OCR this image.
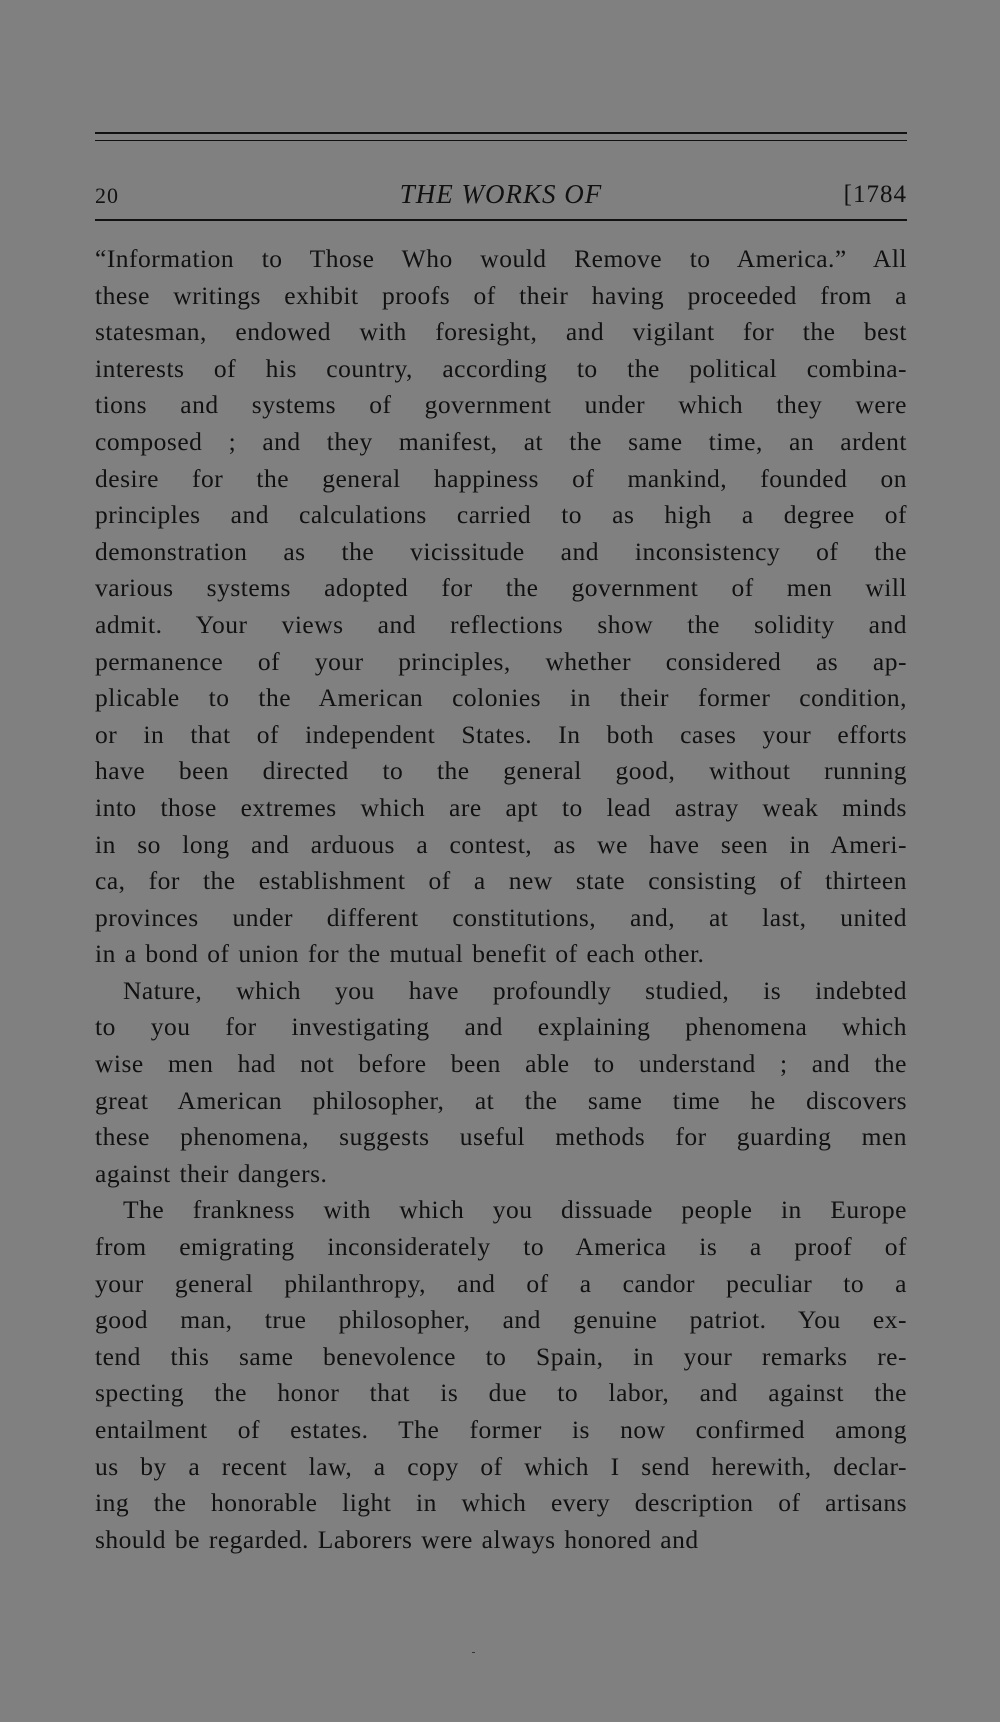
20	THE WORKS OF	[1784

“Information to Those Who would Remove to America.” All
these writings exhibit proofs of their having proceeded from a
statesman, endowed with foresight, and vigilant for the best
interests of his country, according to the political combina-
tions and systems of government under which they were
composed ; and they manifest, at the same time, an ardent
desire for the general happiness of mankind, founded on
principles and calculations carried to as high a degree of
demonstration as the vicissitude and inconsistency of the
various systems adopted for the government of men will
admit. Your views and reflections show the solidity and
permanence of your principles, whether considered as ap-
plicable to the American colonies in their former condition,
or in that of independent States. In both cases your efforts
have been directed to the general good, without running
into those extremes which are apt to lead astray weak minds
in so long and arduous a contest, as we have seen in Ameri-
ca, for the establishment of a new state consisting of thirteen
provinces under different constitutions, and, at last, united
in a bond of union for the mutual benefit of each other.

Nature, which you have profoundly studied, is indebted
to you for investigating and explaining phenomena which
wise men had not before been able to understand ; and the
great American philosopher, at the same time he discovers
these phenomena, suggests useful methods for guarding men
against their dangers.

The frankness with which you dissuade people in Europe
from emigrating inconsiderately to America is a proof of
your general philanthropy, and of a candor peculiar to a
good man, true philosopher, and genuine patriot. You ex-
tend this same benevolence to Spain, in your remarks re-
specting the honor that is due to labor, and against the
entailment of estates. The former is now confirmed among
us by a recent law, a copy of which I send herewith, declar-
ing the honorable light in which every description of artisans
should be regarded. Laborers were always honored and
